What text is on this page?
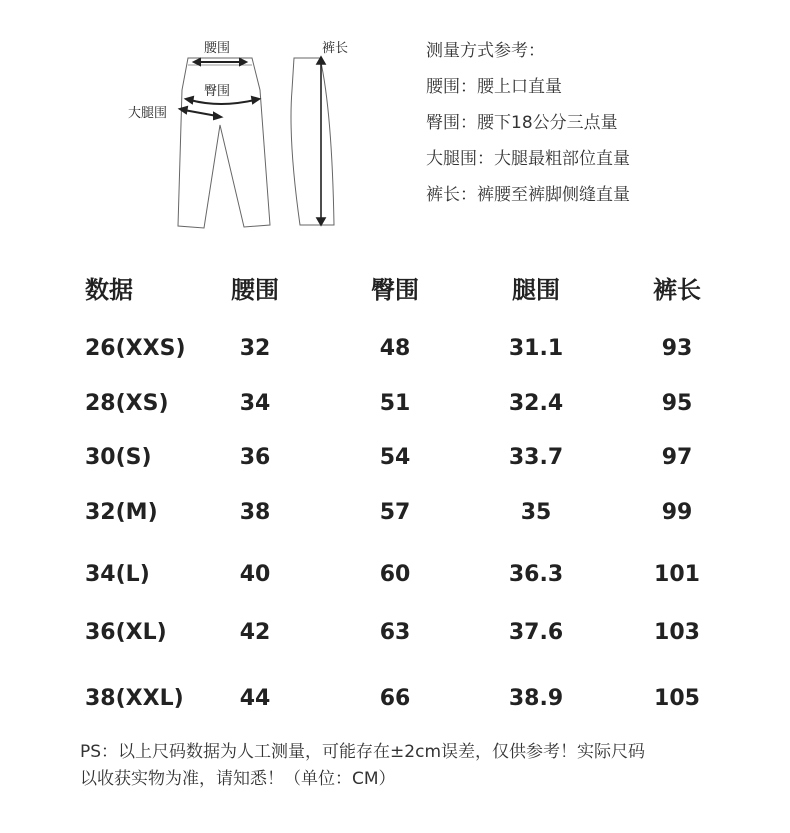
腰围
臀围
大腿围
裤长	测量方式参考：
腰围：腰上口直量
臀围：腰下18公分三点量
大腿围：大腿最粗部位直量
裤长：裤腰至裤脚侧缝直量
数据	腰围	臀围	腿围	裤长
26(XXS)	32	48	31.1	93
28(XS)	34	51	32.4	95
30(S)	36	54	33.7	97
32(M)	38	57	35	99
34(L)	40	60	36.3	101
36(XL)	42	63	37.6	103
38(XXL)	44	66	38.9	105
PS：以上尺码数据为人工测量，可能存在±2cm误差，仅供参考！实际尺码
以收获实物为准，请知悉！（单位：CM）
